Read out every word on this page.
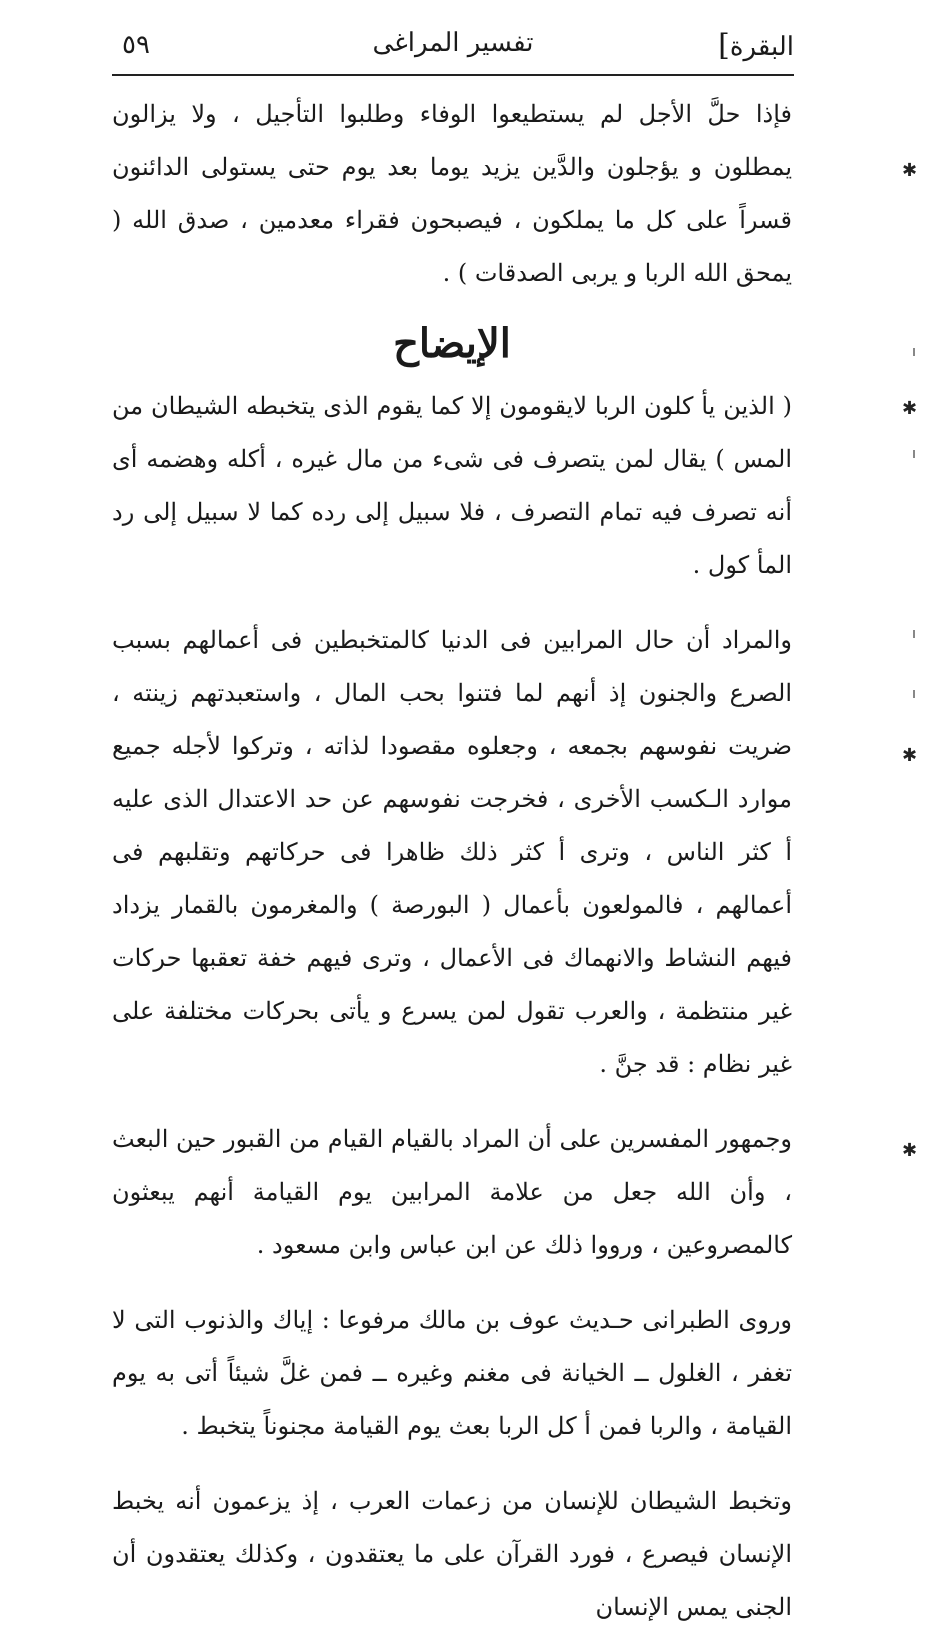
البقرة]
تفسير المراغى
٥٩

فإذا حلَّ الأجل لم يستطيعوا الوفاء وطلبوا التأجيل ، ولا يزالون يمطلون و يؤجلون والدَّين يزيد يوما بعد يوم حتى يستولى الدائنون قسراً على كل ما يملكون ، فيصبحون فقراء معدمين ، صدق الله ( يمحق الله الربا و يربى الصدقات ) .

الإيضاح

( الذين يأ كلون الربا لايقومون إلا كما يقوم الذى يتخبطه الشيطان من المس ) يقال لمن يتصرف فى شىء من مال غيره ، أكله وهضمه أى أنه تصرف فيه تمام التصرف ، فلا سبيل إلى رده كما لا سبيل إلى رد المأ كول .

والمراد أن حال المرابين فى الدنيا كالمتخبطين فى أعمالهم بسبب الصرع والجنون إذ أنهم لما فتنوا بحب المال ، واستعبدتهم زينته ، ضريت نفوسهم بجمعه ، وجعلوه مقصودا لذاته ، وتركوا لأجله جميع موارد الـكسب الأخرى ، فخرجت نفوسهم عن حد الاعتدال الذى عليه أ كثر الناس ، وترى أ كثر ذلك ظاهرا فى حركاتهم وتقلبهم فى أعمالهم ، فالمولعون بأعمال ( البورصة ) والمغرمون بالقمار يزداد فيهم النشاط والانهماك فى الأعمال ، وترى فيهم خفة تعقبها حركات غير منتظمة ، والعرب تقول لمن يسرع و يأتى بحركات مختلفة على غير نظام : قد جنَّ .

وجمهور المفسرين على أن المراد بالقيام القيام من القبور حين البعث ، وأن الله جعل من علامة المرابين يوم القيامة أنهم يبعثون كالمصروعين ، ورووا ذلك عن ابن عباس وابن مسعود .

وروى الطبرانى حـديث عوف بن مالك مرفوعا : إياك والذنوب التى لا تغفر ، الغلول ــ الخيانة فى مغنم وغيره ــ فمن غلَّ شيئاً أتى به يوم القيامة ، والربا فمن أ كل الربا بعث يوم القيامة مجنوناً يتخبط .

وتخبط الشيطان للإنسان من زعمات العرب ، إذ يزعمون أنه يخبط الإنسان فيصرع ، فورد القرآن على ما يعتقدون ، وكذلك يعتقدون أن الجنى يمس الإنسان

✱
✱
✱
✱
